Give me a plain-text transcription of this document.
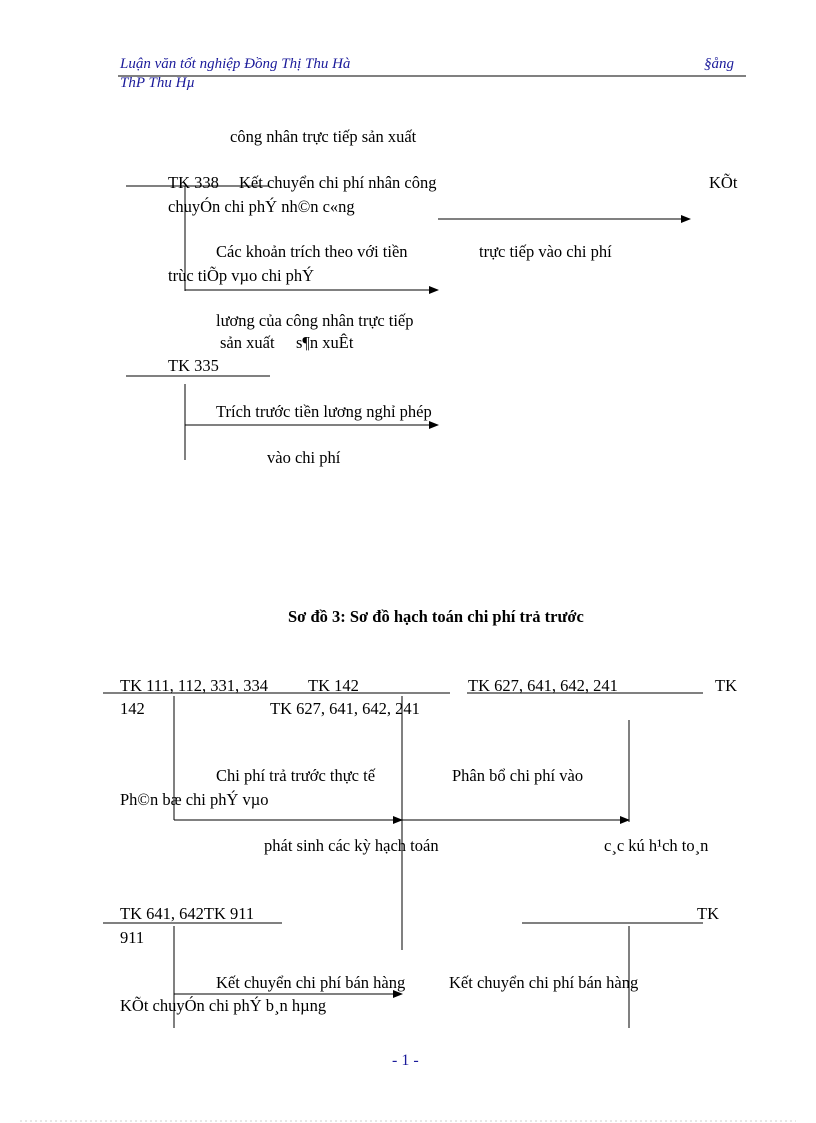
Luận văn tốt nghiệp Đồng Thị Thu Hà	§ång
ThP Thu Hµ
công nhân trực tiếp sản xuất
TK 338 Kết chuyển chi phí nhân công	KÕt
chuyÓn chi phÝ nh©n c«ng
Các khoản trích theo với tiền	trực tiếp vào chi phí
trùc tiÕp vµo chi phÝ
lương của công nhân trực tiếp
sản xuất s¶n xuÊt
TK 335
Trích trước tiền lương nghỉ phép
vào chi phí
Sơ đồ 3: Sơ đồ hạch toán chi phí trả trước
TK 111, 112, 331, 334 TK 142	TK 627, 641, 642, 241	TK
142	TK 627, 641, 642, 241
Chi phí trả trước thực tế	Phân bổ chi phí vào
Ph©n bæ chi phÝ vµo
phát sinh các kỳ hạch toán	c¸c kú h¹ch to¸n
TK 641, 642TK 911	TK
911
Kết chuyển chi phí bán hàng	Kết chuyển chi phí bán hàng
KÕt chuyÓn chi phÝ b¸n hµng
- 1 -
